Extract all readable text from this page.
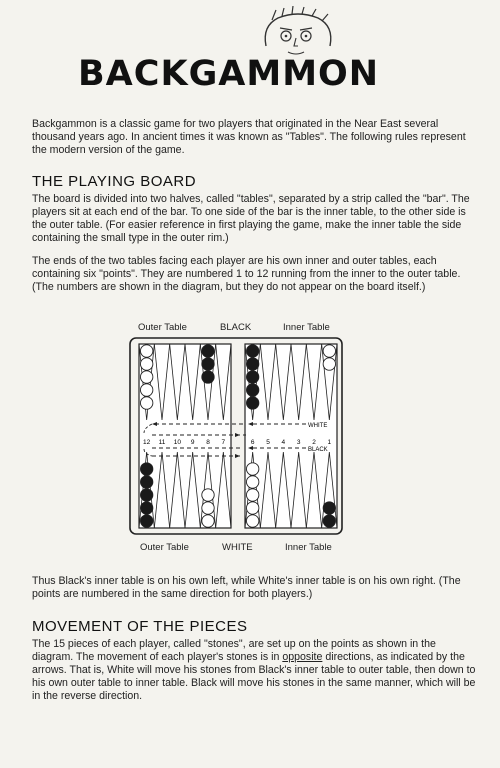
BACKGAMMON

Backgammon is a classic game for two players that originated in the Near East several thousand years ago. In ancient times it was known as "Tables". The following rules represent the modern version of the game.

THE PLAYING BOARD

The board is divided into two halves, called "tables", separated by a strip called the "bar". The players sit at each end of the bar. To one side of the bar is the inner table, to the other side is the outer table. (For easier reference in first playing the game, make the inner table the side containing the small type in the outer rim.)

The ends of the two tables facing each player are his own inner and outer tables, each containing six "points". They are numbered 1 to 12 running from the inner to the outer table. (The numbers are shown in the diagram, but they do not appear on the board itself.)

Outer Table	BLACK	Inner Table
12 11 10 9 8 7	6 5 4 3 2 1
WHITE
BLACK
Outer Table	WHITE	Inner Table

Thus Black's inner table is on his own left, while White's inner table is on his own right. (The points are numbered in the same direction for both players.)

MOVEMENT OF THE PIECES

The 15 pieces of each player, called "stones", are set up on the points as shown in the diagram. The movement of each player's stones is in opposite directions, as indicated by the arrows. That is, White will move his stones from Black's inner table to outer table, then down to his own outer table to inner table. Black will move his stones in the same manner, which will be in the reverse direction.
